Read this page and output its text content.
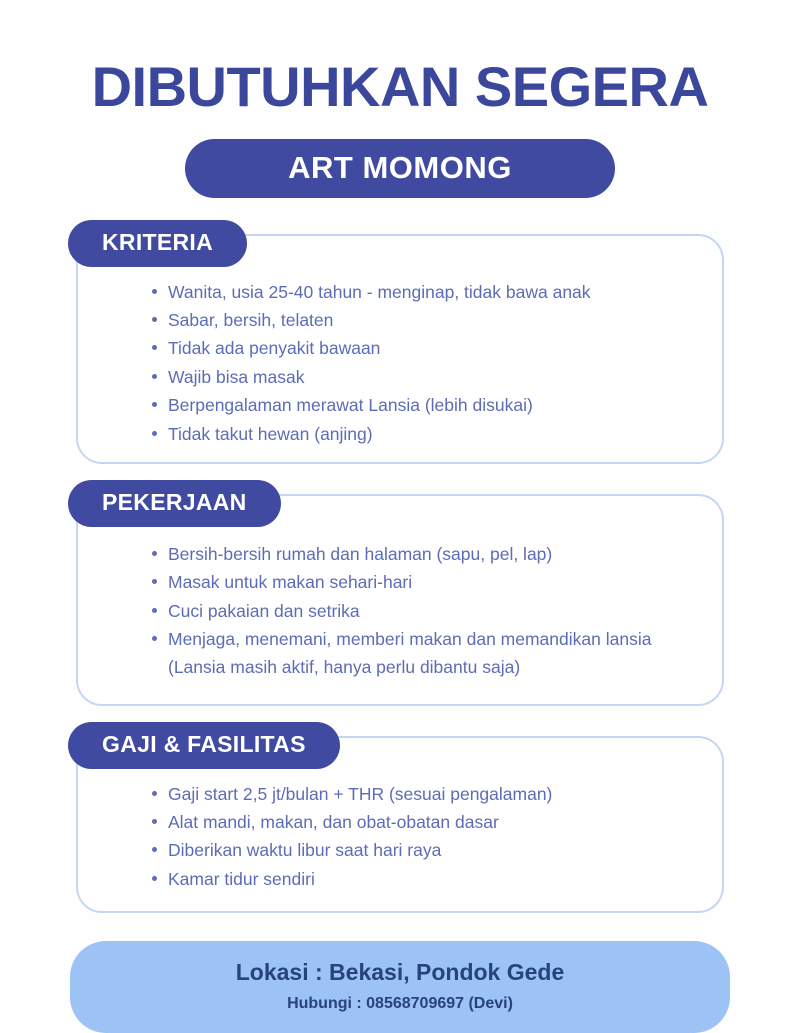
DIBUTUHKAN SEGERA
ART MOMONG
KRITERIA
Wanita, usia 25-40 tahun - menginap, tidak bawa anak
Sabar, bersih, telaten
Tidak ada penyakit bawaan
Wajib bisa masak
Berpengalaman merawat Lansia (lebih disukai)
Tidak takut hewan (anjing)
PEKERJAAN
Bersih-bersih rumah dan halaman (sapu, pel, lap)
Masak untuk makan sehari-hari
Cuci pakaian dan setrika
Menjaga, menemani, memberi makan dan memandikan lansia (Lansia masih aktif, hanya perlu dibantu saja)
GAJI & FASILITAS
Gaji start 2,5 jt/bulan + THR (sesuai pengalaman)
Alat mandi, makan, dan obat-obatan dasar
Diberikan waktu libur saat hari raya
Kamar tidur sendiri

Lokasi : Bekasi, Pondok Gede

Hubungi : 08568709697 (Devi)
